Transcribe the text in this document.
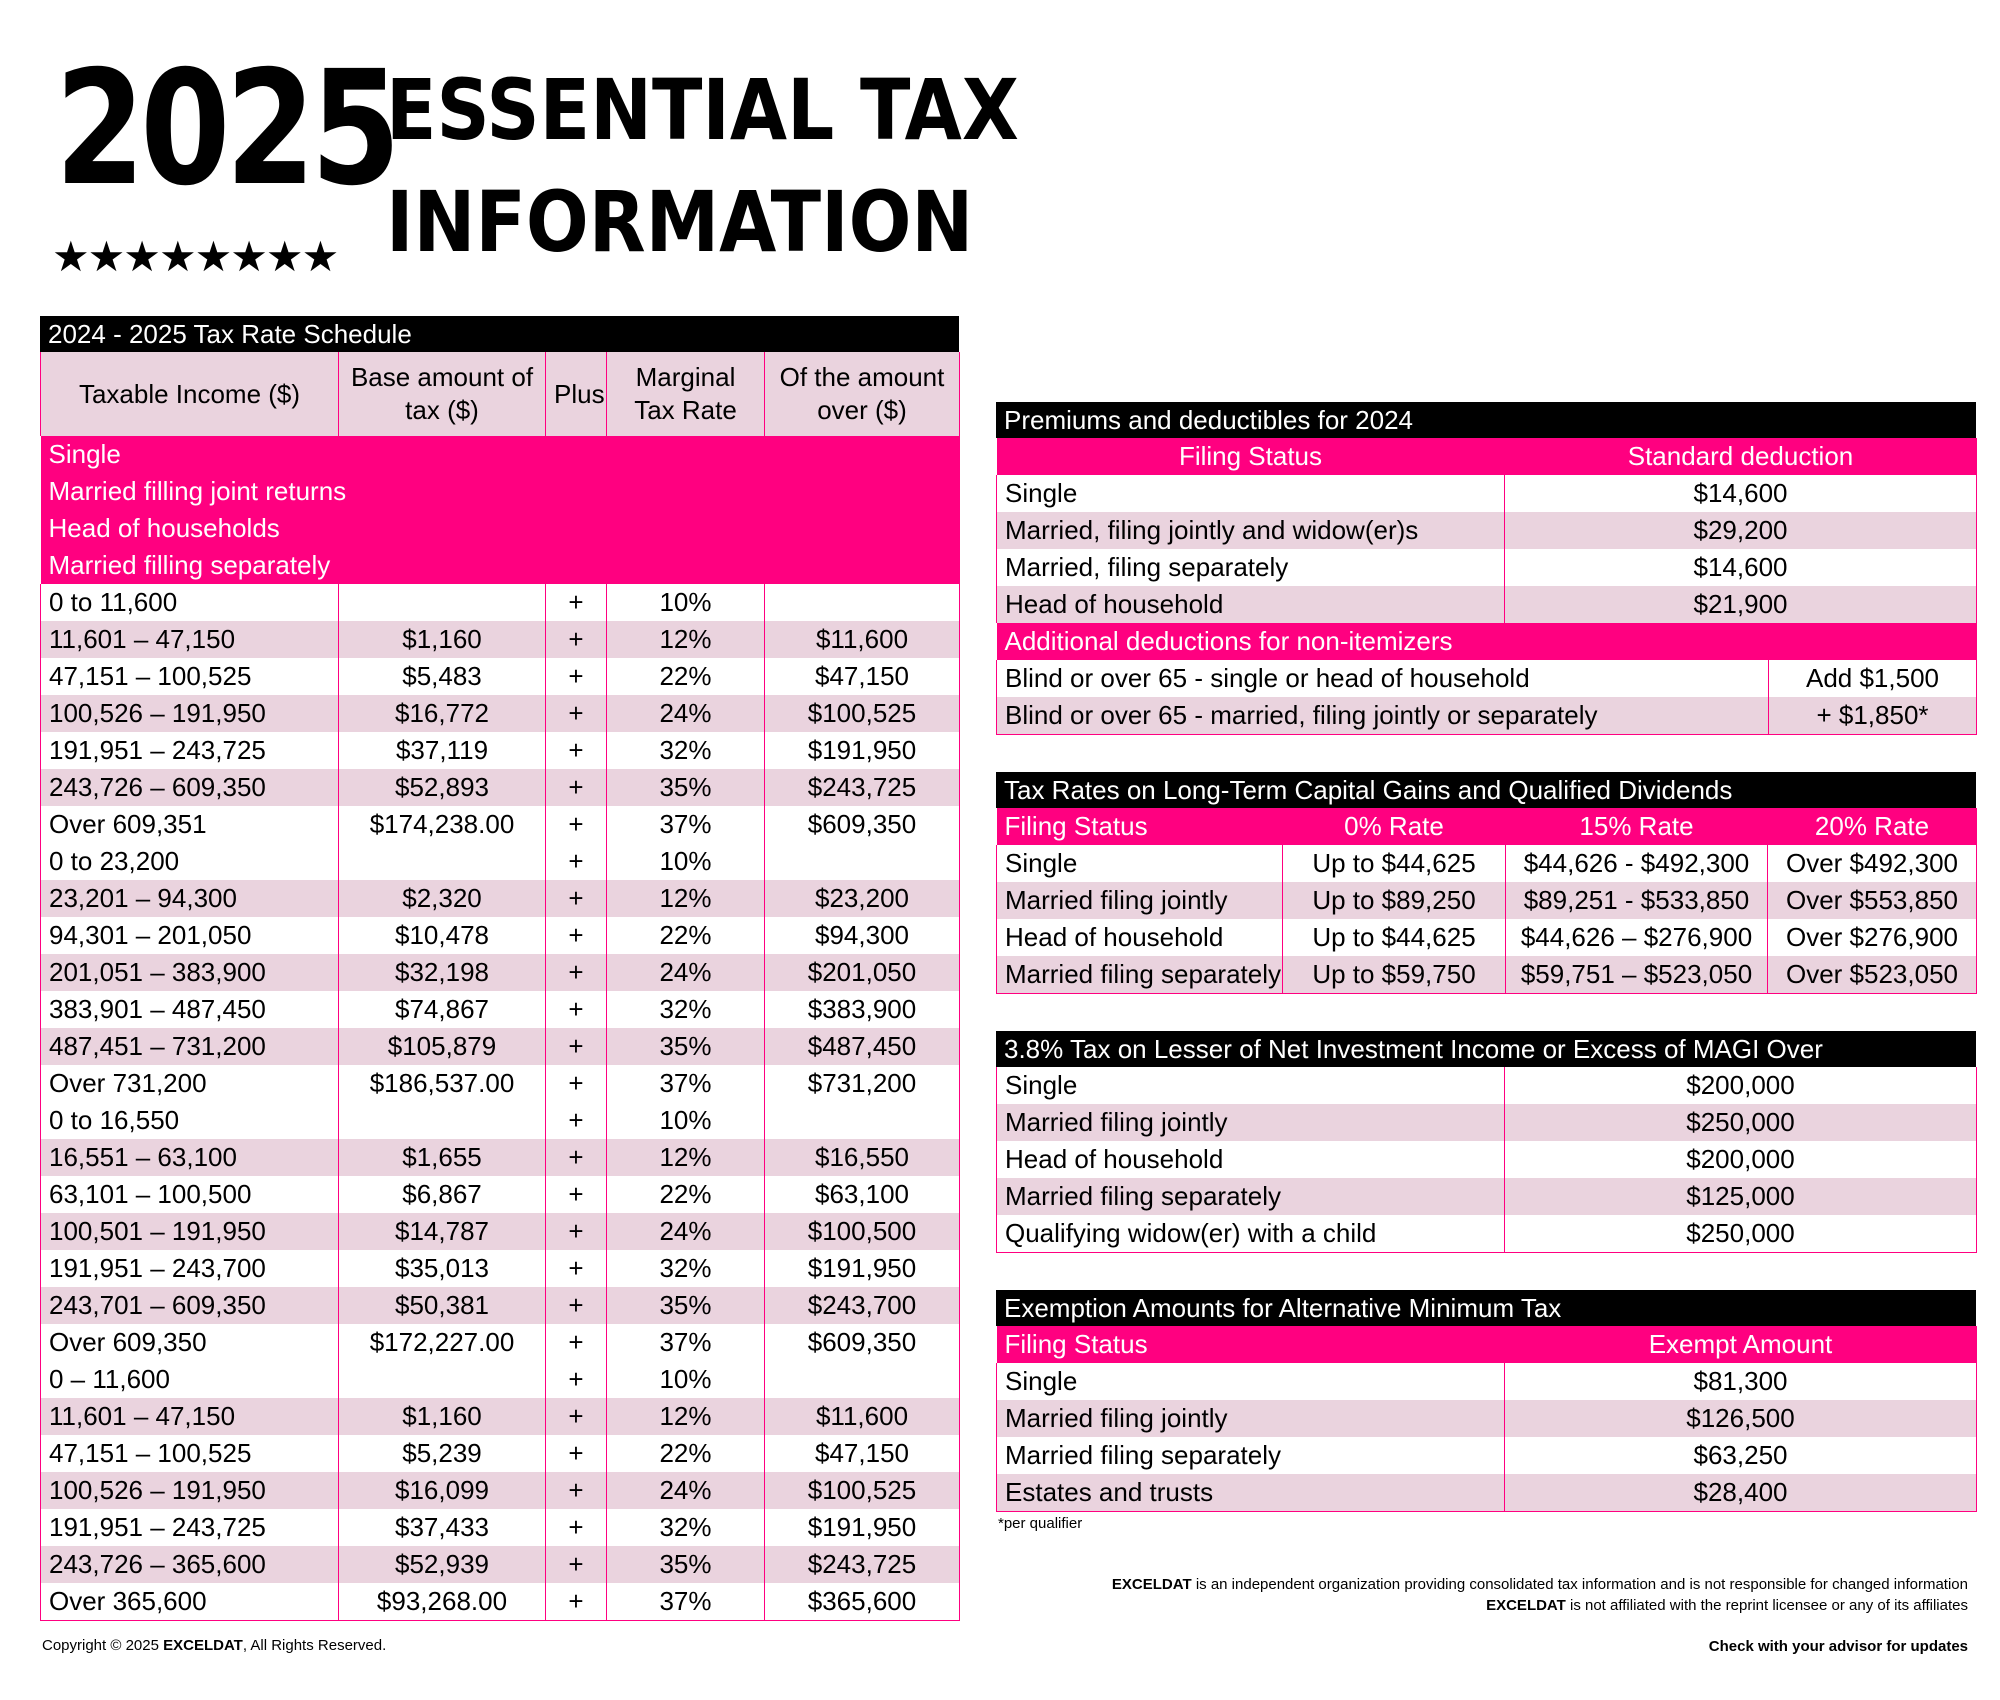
2025
★★★★★★★★
ESSENTIAL TAX
INFORMATION
2024 - 2025 Tax Rate Schedule
Taxable Income ($)	Base amount of tax ($)	Plus	Marginal Tax Rate	Of the amount over ($)
Single				
Married filling joint returns				
Head of households				
Married filling separately				
0 to 11,600		+	10%	
11,601 – 47,150	$1,160	+	12%	$11,600
47,151 – 100,525	$5,483	+	22%	$47,150
100,526 – 191,950	$16,772	+	24%	$100,525
191,951 – 243,725	$37,119	+	32%	$191,950
243,726 – 609,350	$52,893	+	35%	$243,725
Over 609,351	$174,238.00	+	37%	$609,350
0 to 23,200		+	10%	
23,201 – 94,300	$2,320	+	12%	$23,200
94,301 – 201,050	$10,478	+	22%	$94,300
201,051 – 383,900	$32,198	+	24%	$201,050
383,901 – 487,450	$74,867	+	32%	$383,900
487,451 – 731,200	$105,879	+	35%	$487,450
Over 731,200	$186,537.00	+	37%	$731,200
0 to 16,550		+	10%	
16,551 – 63,100	$1,655	+	12%	$16,550
63,101 – 100,500	$6,867	+	22%	$63,100
100,501 – 191,950	$14,787	+	24%	$100,500
191,951 – 243,700	$35,013	+	32%	$191,950
243,701 – 609,350	$50,381	+	35%	$243,700
Over 609,350	$172,227.00	+	37%	$609,350
0 – 11,600		+	10%	
11,601 – 47,150	$1,160	+	12%	$11,600
47,151 – 100,525	$5,239	+	22%	$47,150
100,526 – 191,950	$16,099	+	24%	$100,525
191,951 – 243,725	$37,433	+	32%	$191,950
243,726 – 365,600	$52,939	+	35%	$243,725
Over 365,600	$93,268.00	+	37%	$365,600
Premiums and deductibles for 2024
Filing Status	Standard deduction
Single	$14,600
Married, filing jointly and widow(er)s	$29,200
Married, filing separately	$14,600
Head of household	$21,900
Additional deductions for non-itemizers	
Blind or over 65 - single or head of household	Add $1,500
Blind or over 65 - married, filing jointly or separately	+ $1,850*
Tax Rates on Long-Term Capital Gains and Qualified Dividends
Filing Status	0% Rate	15% Rate	20% Rate
Single	Up to $44,625	$44,626 - $492,300	Over $492,300
Married filing jointly	Up to $89,250	$89,251 - $533,850	Over $553,850
Head of household	Up to $44,625	$44,626 – $276,900	Over $276,900
Married filing separately	Up to $59,750	$59,751 – $523,050	Over $523,050
3.8% Tax on Lesser of Net Investment Income or Excess of MAGI Over
Single	$200,000
Married filing jointly	$250,000
Head of household	$200,000
Married filing separately	$125,000
Qualifying widow(er) with a child	$250,000
Exemption Amounts for Alternative Minimum Tax
Filing Status	Exempt Amount
Single	$81,300
Married filing jointly	$126,500
Married filing separately	$63,250
Estates and trusts	$28,400
*per qualifier
EXCELDAT is an independent organization providing consolidated tax information and is not responsible for changed information
EXCELDAT is not affiliated with the reprint licensee or any of its affiliates
Check with your advisor for updates
Copyright © 2025 EXCELDAT, All Rights Reserved.
